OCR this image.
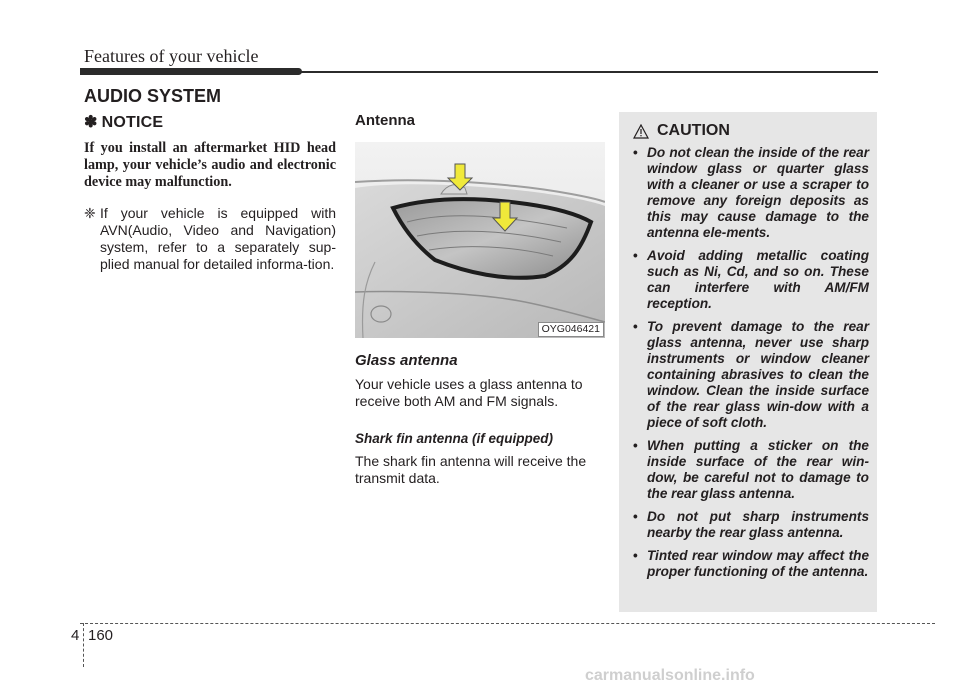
Features of your vehicle
AUDIO SYSTEM
✽ NOTICE
If you install an aftermarket HID head lamp, your vehicle’s audio and electronic device may malfunction.
❈ If your vehicle is equipped with AVN(Audio, Video and Navigation) system, refer to a separately sup-plied manual for detailed informa-tion.
Antenna
OYG046421
Glass antenna
Your vehicle uses a glass antenna to receive both AM and FM signals.
Shark fin antenna (if equipped)
The shark fin antenna will receive the transmit data.
CAUTION
• Do not clean the inside of the rear window glass or quarter glass with a cleaner or use a scraper to remove any foreign deposits as this may cause damage to the antenna ele-ments.
• Avoid adding metallic coating such as Ni, Cd, and so on. These can interfere with AM/FM reception.
• To prevent damage to the rear glass antenna, never use sharp instruments or window cleaner containing abrasives to clean the window. Clean the inside surface of the rear glass win-dow with a piece of soft cloth.
• When putting a sticker on the inside surface of the rear win-dow, be careful not to damage to the rear glass antenna.
• Do not put sharp instruments nearby the rear glass antenna.
• Tinted rear window may affect the proper functioning of the antenna.
4 160
carmanualsonline.info
